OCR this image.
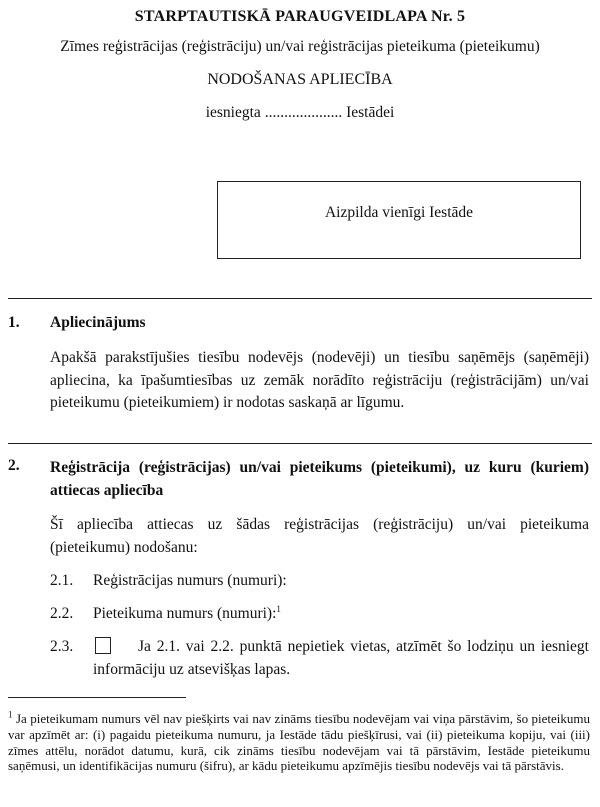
STARPTAUTISKĀ PARAUGVEIDLAPA Nr. 5
Zīmes reģistrācijas (reģistrāciju) un/vai reģistrācijas pieteikuma (pieteikumu)
NODOŠANAS APLIECĪBA
iesniegta .................... Iestādei
Aizpilda vienīgi Iestāde
1. Apliecinājums
Apakšā parakstījušies tiesību nodevējs (nodevēji) un tiesību saņēmējs (saņēmēji) apliecina, ka īpašumtiesības uz zemāk norādīto reģistrāciju (reģistrācijām) un/vai pieteikumu (pieteikumiem) ir nodotas saskaņā ar līgumu.
2. Reģistrācija (reģistrācijas) un/vai pieteikums (pieteikumi), uz kuru (kuriem) attiecas apliecība
Šī apliecība attiecas uz šādas reģistrācijas (reģistrāciju) un/vai pieteikuma (pieteikumu) nodošanu:
2.1. Reģistrācijas numurs (numuri):
2.2. Pieteikuma numurs (numuri):$^1$
2.3.	Ja 2.1. vai 2.2. punktā nepietiek vietas, atzīmēt šo lodziņu un iesniegt informāciju uz atsevišķas lapas.
$^1$ Ja pieteikumam numurs vēl nav piešķirts vai nav zināms tiesību nodevējam vai viņa pārstāvim, šo pieteikumu var apzīmēt ar: (i) pagaidu pieteikuma numuru, ja Iestāde tādu piešķīrusi, vai (ii) pieteikuma kopiju, vai (iii) zīmes attēlu, norādot datumu, kurā, cik zināms tiesību nodevējam vai tā pārstāvim, Iestāde pieteikumu saņēmusi, un identifikācijas numuru (šifru), ar kādu pieteikumu apzīmējis tiesību nodevējs vai tā pārstāvis.
